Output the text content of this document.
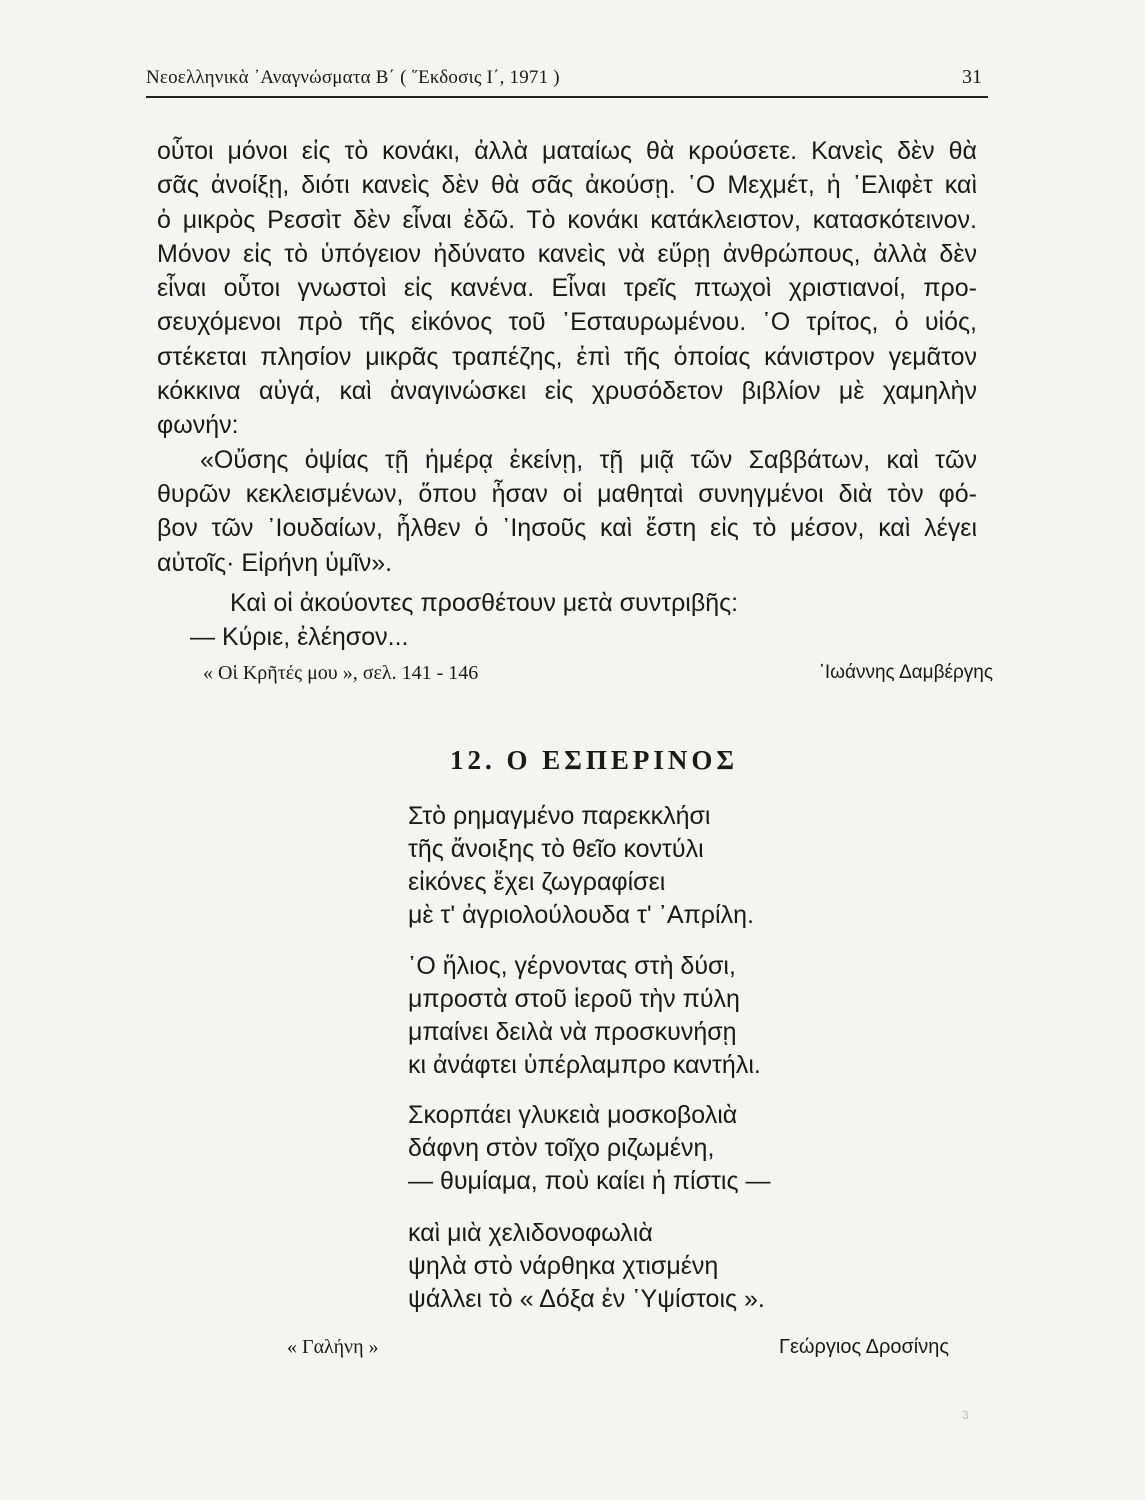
Νεοελληνικὰ ᾿Αναγνώσματα Β΄ ( ῞Εκδοσις Ι΄, 1971 )	31
οὗτοι μόνοι εἰς τὸ κονάκι, ἀλλὰ ματαίως θὰ κρούσετε. Κανεὶς δὲν θὰ
σᾶς ἀνοίξῃ, διότι κανεὶς δὲν θὰ σᾶς ἀκούσῃ. ῾Ο Μεχμέτ, ἡ ᾿Ελιφὲτ καὶ
ὁ μικρὸς Ρεσσὶτ δὲν εἶναι ἐδῶ. Τὸ κονάκι κατάκλειστον, κατασκότεινον.
Μόνον εἰς τὸ ὑπόγειον ἠδύνατο κανεὶς νὰ εὕρῃ ἀνθρώπους, ἀλλὰ δὲν
εἶναι οὗτοι γνωστοὶ εἰς κανένα. Εἶναι τρεῖς πτωχοὶ χριστιανοί, προ-
σευχόμενοι πρὸ τῆς εἰκόνος τοῦ ᾿Εσταυρωμένου. ῾Ο τρίτος, ὁ υἱός,
στέκεται πλησίον μικρᾶς τραπέζης, ἐπὶ τῆς ὁποίας κάνιστρον γεμᾶτον
κόκκινα αὐγά, καὶ ἀναγινώσκει εἰς χρυσόδετον βιβλίον μὲ χαμηλὴν
φωνήν:
«Οὔσης ὀψίας τῇ ἡμέρᾳ ἐκείνῃ, τῇ μιᾷ τῶν Σαββάτων, καὶ τῶν
θυρῶν κεκλεισμένων, ὅπου ἦσαν οἱ μαθηταὶ συνηγμένοι διὰ τὸν φό-
βον τῶν ᾿Ιουδαίων, ἦλθεν ὁ ᾿Ιησοῦς καὶ ἔστη εἰς τὸ μέσον, καὶ λέγει
αὐτοῖς· Εἰρήνη ὑμῖν».
Καὶ οἱ ἀκούοντες προσθέτουν μετὰ συντριβῆς:
— Κύριε, ἐλέησον...
« Οἱ Κρῆτές μου », σελ. 141 - 146	᾿Ιωάννης Δαμβέργης
12. Ο ΕΣΠΕΡΙΝΟΣ
Στὸ ρημαγμένο παρεκκλήσι
τῆς ἄνοιξης τὸ θεῖο κοντύλι
εἰκόνες ἔχει ζωγραφίσει
μὲ τ' ἀγριολούλουδα τ' ᾿Απρίλη.
῾Ο ἥλιος, γέρνοντας στὴ δύσι,
μπροστὰ στοῦ ἱεροῦ τὴν πύλη
μπαίνει δειλὰ νὰ προσκυνήσῃ
κι ἀνάφτει ὑπέρλαμπρο καντήλι.
Σκορπάει γλυκειὰ μοσκοβολιὰ
δάφνη στὸν τοῖχο ριζωμένη,
— θυμίαμα, ποὺ καίει ἡ πίστις —
καὶ μιὰ χελιδονοφωλιὰ
ψηλὰ στὸ νάρθηκα χτισμένη
ψάλλει τὸ « Δόξα ἐν ῾Υψίστοις ».
« Γαλήνη »	Γεώργιος Δροσίνης
3
